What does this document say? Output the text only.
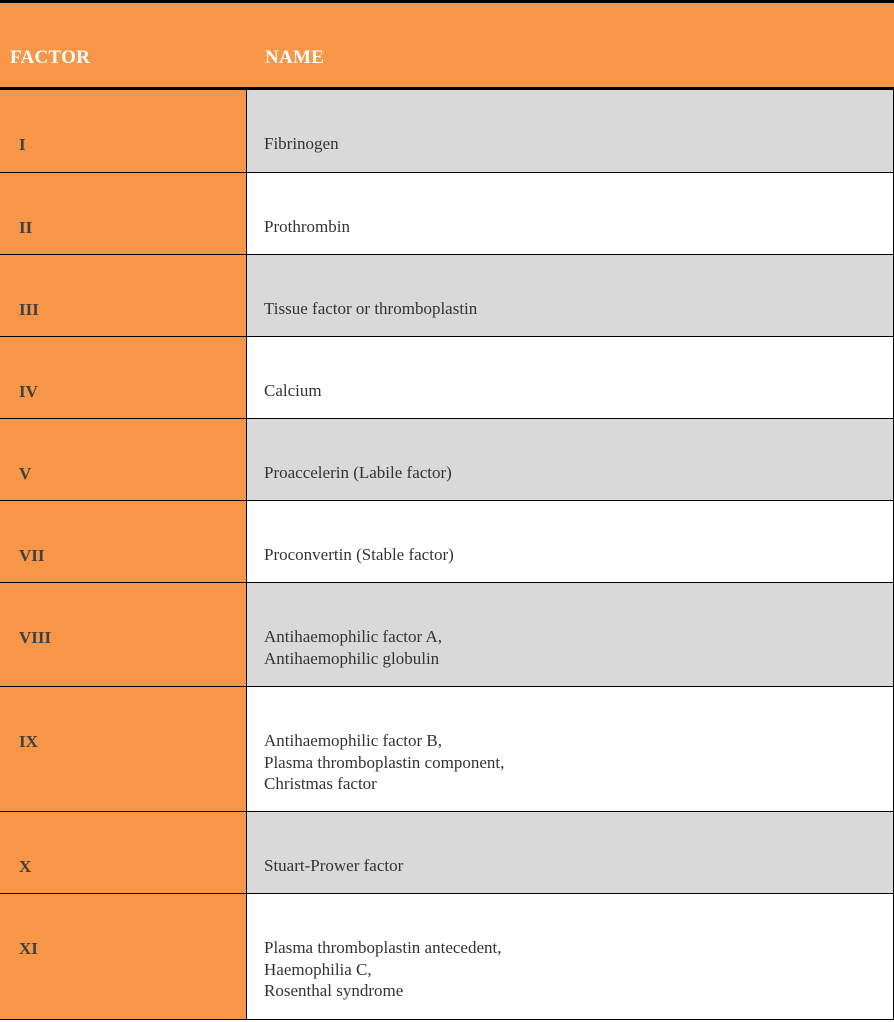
FACTOR	NAME
I	Fibrinogen
II	Prothrombin
III	Tissue factor or thromboplastin
IV	Calcium
V	Proaccelerin (Labile factor)
VII	Proconvertin (Stable factor)
VIII	Antihaemophilic factor A,
Antihaemophilic globulin
IX	Antihaemophilic factor B,
Plasma thromboplastin component,
Christmas factor
X	Stuart-Prower factor
XI	Plasma thromboplastin antecedent,
Haemophilia C,
Rosenthal syndrome
